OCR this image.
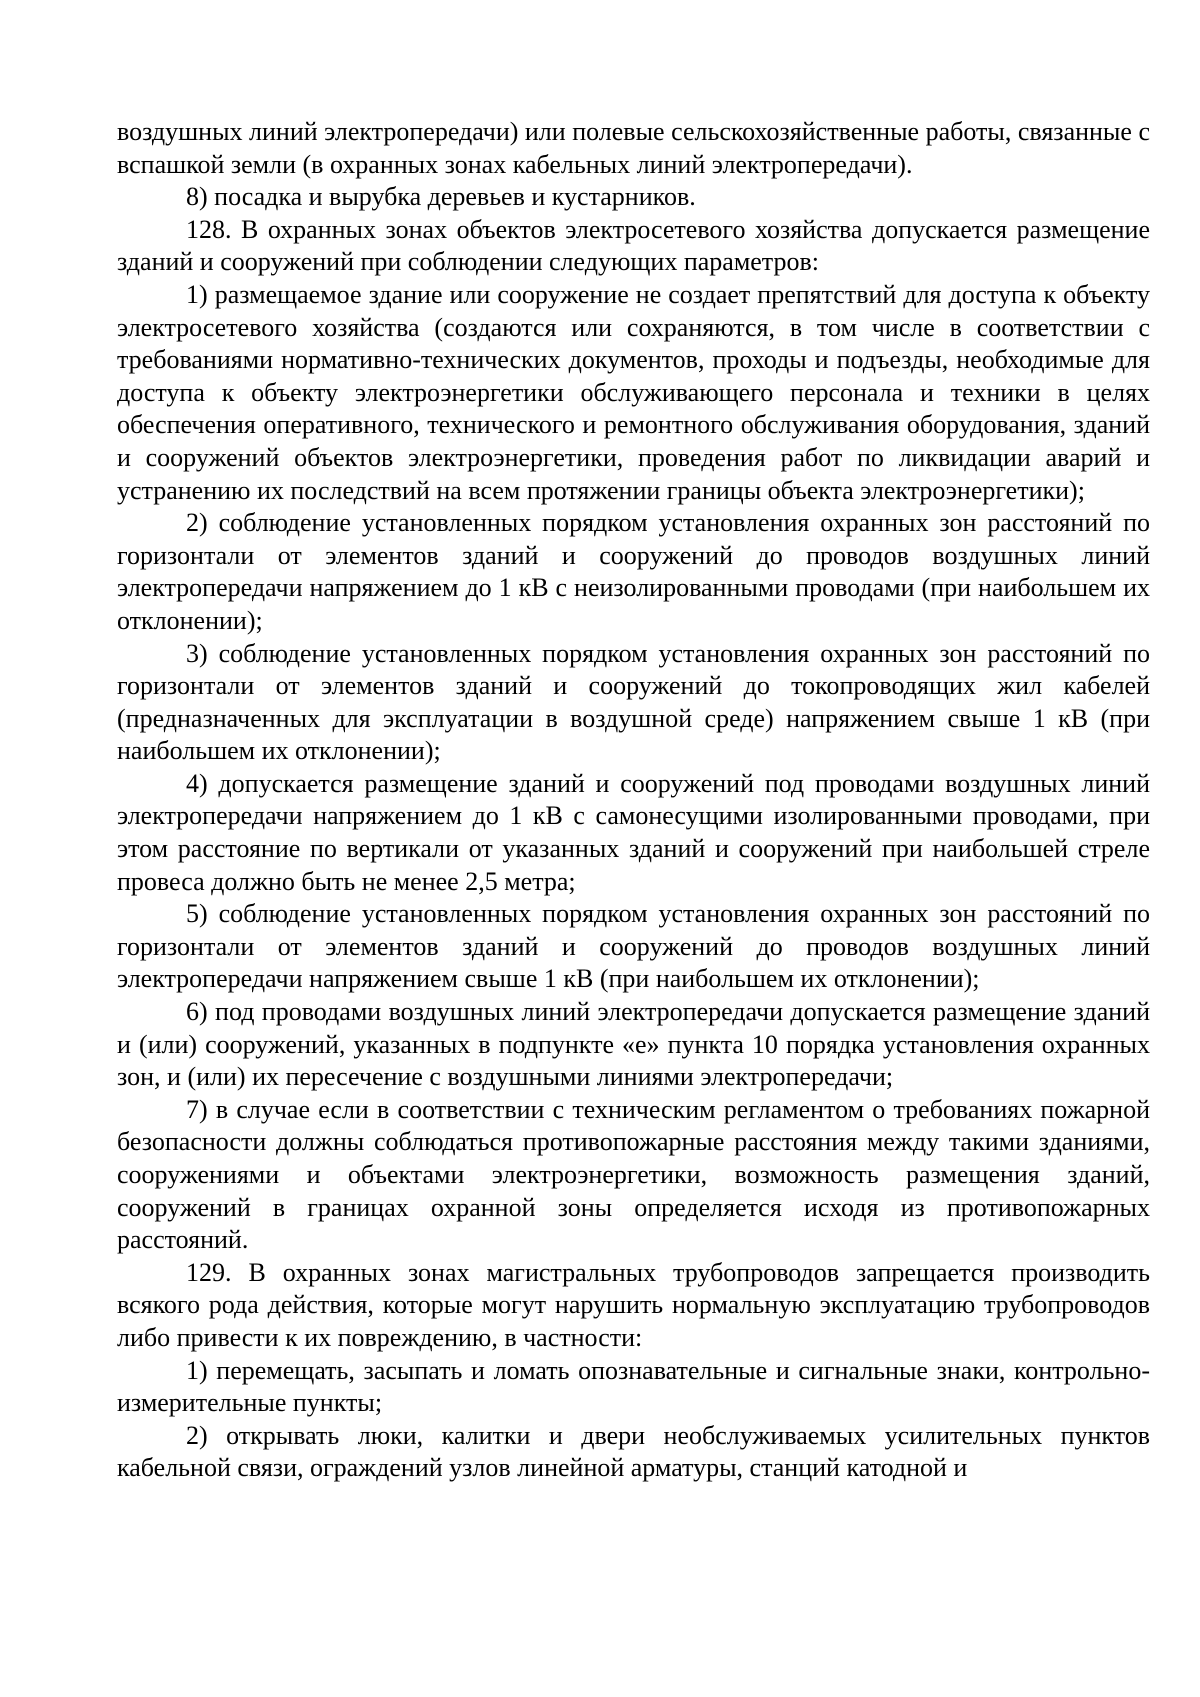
воздушных линий электропередачи) или полевые сельскохозяйственные работы, связанные с вспашкой земли (в охранных зонах кабельных линий электропередачи).

8) посадка и вырубка деревьев и кустарников.

128. В охранных зонах объектов электросетевого хозяйства допускается размещение зданий и сооружений при соблюдении следующих параметров:

1) размещаемое здание или сооружение не создает препятствий для доступа к объекту электросетевого хозяйства (создаются или сохраняются, в том числе в соответствии с требованиями нормативно-технических документов, проходы и подъезды, необходимые для доступа к объекту электроэнергетики обслуживающего персонала и техники в целях обеспечения оперативного, технического и ремонтного обслуживания оборудования, зданий и сооружений объектов электроэнергетики, проведения работ по ликвидации аварий и устранению их последствий на всем протяжении границы объекта электроэнергетики);

2) соблюдение установленных порядком установления охранных зон расстояний по горизонтали от элементов зданий и сооружений до проводов воздушных линий электропередачи напряжением до 1 кВ с неизолированными проводами (при наибольшем их отклонении);

3) соблюдение установленных порядком установления охранных зон расстояний по горизонтали от элементов зданий и сооружений до токопроводящих жил кабелей (предназначенных для эксплуатации в воздушной среде) напряжением свыше 1 кВ (при наибольшем их отклонении);

4) допускается размещение зданий и сооружений под проводами воздушных линий электропередачи напряжением до 1 кВ с самонесущими изолированными проводами, при этом расстояние по вертикали от указанных зданий и сооружений при наибольшей стреле провеса должно быть не менее 2,5 метра;

5) соблюдение установленных порядком установления охранных зон расстояний по горизонтали от элементов зданий и сооружений до проводов воздушных линий электропередачи напряжением свыше 1 кВ (при наибольшем их отклонении);

6) под проводами воздушных линий электропередачи допускается размещение зданий и (или) сооружений, указанных в подпункте «е» пункта 10 порядка установления охранных зон, и (или) их пересечение с воздушными линиями электропередачи;

7) в случае если в соответствии с техническим регламентом о требованиях пожарной безопасности должны соблюдаться противопожарные расстояния между такими зданиями, сооружениями и объектами электроэнергетики, возможность размещения зданий, сооружений в границах охранной зоны определяется исходя из противопожарных расстояний.

129. В охранных зонах магистральных трубопроводов запрещается производить всякого рода действия, которые могут нарушить нормальную эксплуатацию трубопроводов либо привести к их повреждению, в частности:

1) перемещать, засыпать и ломать опознавательные и сигнальные знаки, контрольно-измерительные пункты;

2) открывать люки, калитки и двери необслуживаемых усилительных пунктов кабельной связи, ограждений узлов линейной арматуры, станций катодной и
